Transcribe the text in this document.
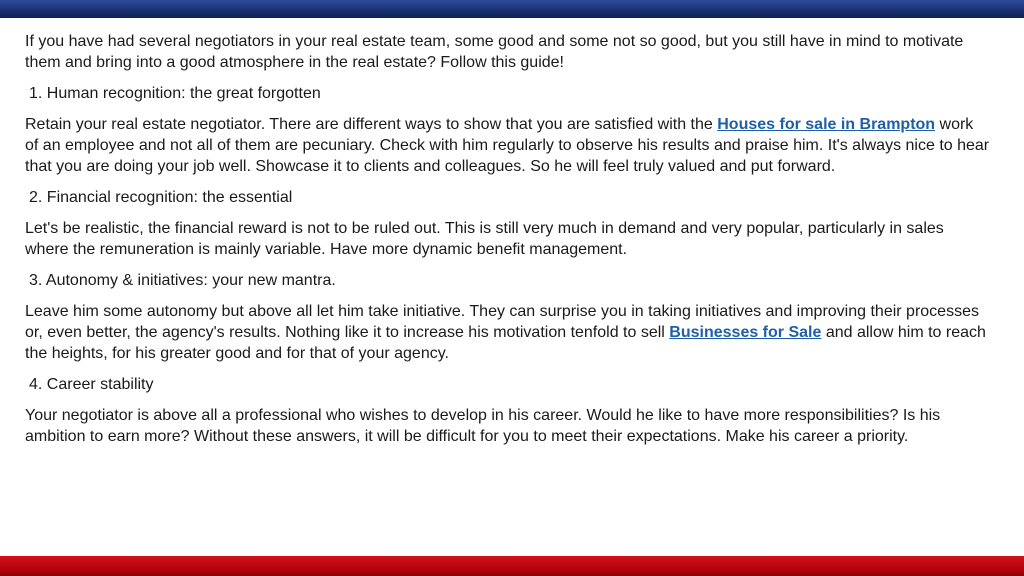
If you have had several negotiators in your real estate team, some good and some not so good, but you still have in mind to motivate them and bring into a good atmosphere in the real estate? Follow this guide!

1. Human recognition: the great forgotten

Retain your real estate negotiator. There are different ways to show that you are satisfied with the Houses for sale in Brampton work of an employee and not all of them are pecuniary. Check with him regularly to observe his results and praise him. It's always nice to hear that you are doing your job well. Showcase it to clients and colleagues. So he will feel truly valued and put forward.

2. Financial recognition: the essential

Let's be realistic, the financial reward is not to be ruled out. This is still very much in demand and very popular, particularly in sales where the remuneration is mainly variable. Have more dynamic benefit management.

3. Autonomy & initiatives: your new mantra.

Leave him some autonomy but above all let him take initiative. They can surprise you in taking initiatives and improving their processes or, even better, the agency's results. Nothing like it to increase his motivation tenfold to sell Businesses for Sale and allow him to reach the heights, for his greater good and for that of your agency.

4. Career stability

Your negotiator is above all a professional who wishes to develop in his career. Would he like to have more responsibilities? Is his ambition to earn more? Without these answers, it will be difficult for you to meet their expectations. Make his career a priority.
